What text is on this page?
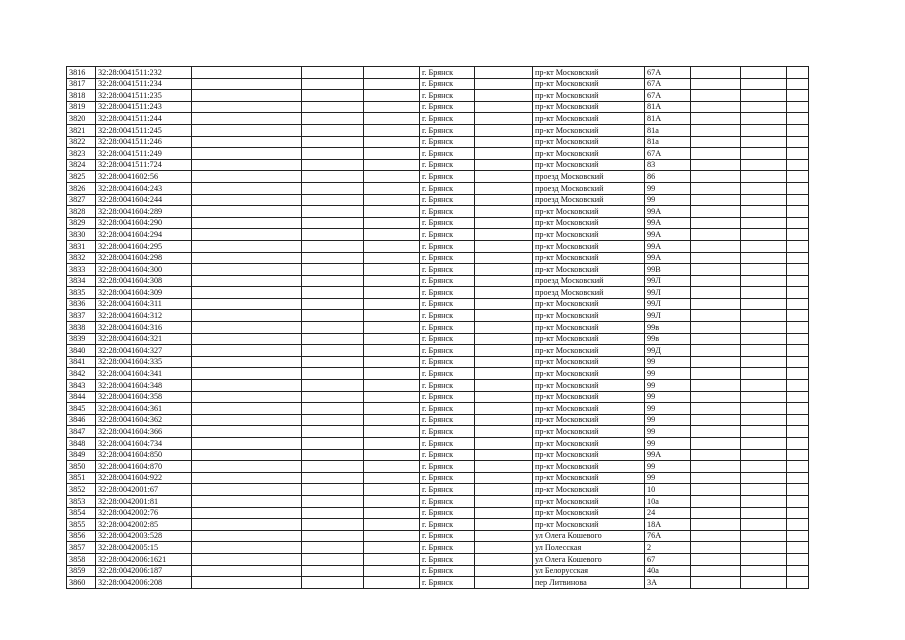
3816	32:28:0041511:232				г. Брянск		пр-кт Московский	67А			
3817	32:28:0041511:234				г. Брянск		пр-кт Московский	67А			
3818	32:28:0041511:235				г. Брянск		пр-кт Московский	67А			
3819	32:28:0041511:243				г. Брянск		пр-кт Московский	81А			
3820	32:28:0041511:244				г. Брянск		пр-кт Московский	81А			
3821	32:28:0041511:245				г. Брянск		пр-кт Московский	81а			
3822	32:28:0041511:246				г. Брянск		пр-кт Московский	81а			
3823	32:28:0041511:249				г. Брянск		пр-кт Московский	67А			
3824	32:28:0041511:724				г. Брянск		пр-кт Московский	83			
3825	32:28:0041602:56				г. Брянск		проезд Московский	86			
3826	32:28:0041604:243				г. Брянск		проезд Московский	99			
3827	32:28:0041604:244				г. Брянск		проезд Московский	99			
3828	32:28:0041604:289				г. Брянск		пр-кт Московский	99А			
3829	32:28:0041604:290				г. Брянск		пр-кт Московский	99А			
3830	32:28:0041604:294				г. Брянск		пр-кт Московский	99А			
3831	32:28:0041604:295				г. Брянск		пр-кт Московский	99А			
3832	32:28:0041604:298				г. Брянск		пр-кт Московский	99А			
3833	32:28:0041604:300				г. Брянск		пр-кт Московский	99В			
3834	32:28:0041604:308				г. Брянск		проезд Московский	99Л			
3835	32:28:0041604:309				г. Брянск		проезд Московский	99Л			
3836	32:28:0041604:311				г. Брянск		пр-кт Московский	99Л			
3837	32:28:0041604:312				г. Брянск		пр-кт Московский	99Л			
3838	32:28:0041604:316				г. Брянск		пр-кт Московский	99в			
3839	32:28:0041604:321				г. Брянск		пр-кт Московский	99в			
3840	32:28:0041604:327				г. Брянск		пр-кт Московский	99Д			
3841	32:28:0041604:335				г. Брянск		пр-кт Московский	99			
3842	32:28:0041604:341				г. Брянск		пр-кт Московский	99			
3843	32:28:0041604:348				г. Брянск		пр-кт Московский	99			
3844	32:28:0041604:358				г. Брянск		пр-кт Московский	99			
3845	32:28:0041604:361				г. Брянск		пр-кт Московский	99			
3846	32:28:0041604:362				г. Брянск		пр-кт Московский	99			
3847	32:28:0041604:366				г. Брянск		пр-кт Московский	99			
3848	32:28:0041604:734				г. Брянск		пр-кт Московский	99			
3849	32:28:0041604:850				г. Брянск		пр-кт Московский	99А			
3850	32:28:0041604:870				г. Брянск		пр-кт Московский	99			
3851	32:28:0041604:922				г. Брянск		пр-кт Московский	99			
3852	32:28:0042001:67				г. Брянск		пр-кт Московский	10			
3853	32:28:0042001:81				г. Брянск		пр-кт Московский	10а			
3854	32:28:0042002:76				г. Брянск		пр-кт Московский	24			
3855	32:28:0042002:85				г. Брянск		пр-кт Московский	18А			
3856	32:28:0042003:528				г. Брянск		ул Олега Кошевого	76А			
3857	32:28:0042005:15				г. Брянск		ул Полесская	2			
3858	32:28:0042006:1621				г. Брянск		ул Олега Кошевого	67			
3859	32:28:0042006:187				г. Брянск		ул Белорусская	40а			
3860	32:28:0042006:208				г. Брянск		пер Литвинова	3А			
